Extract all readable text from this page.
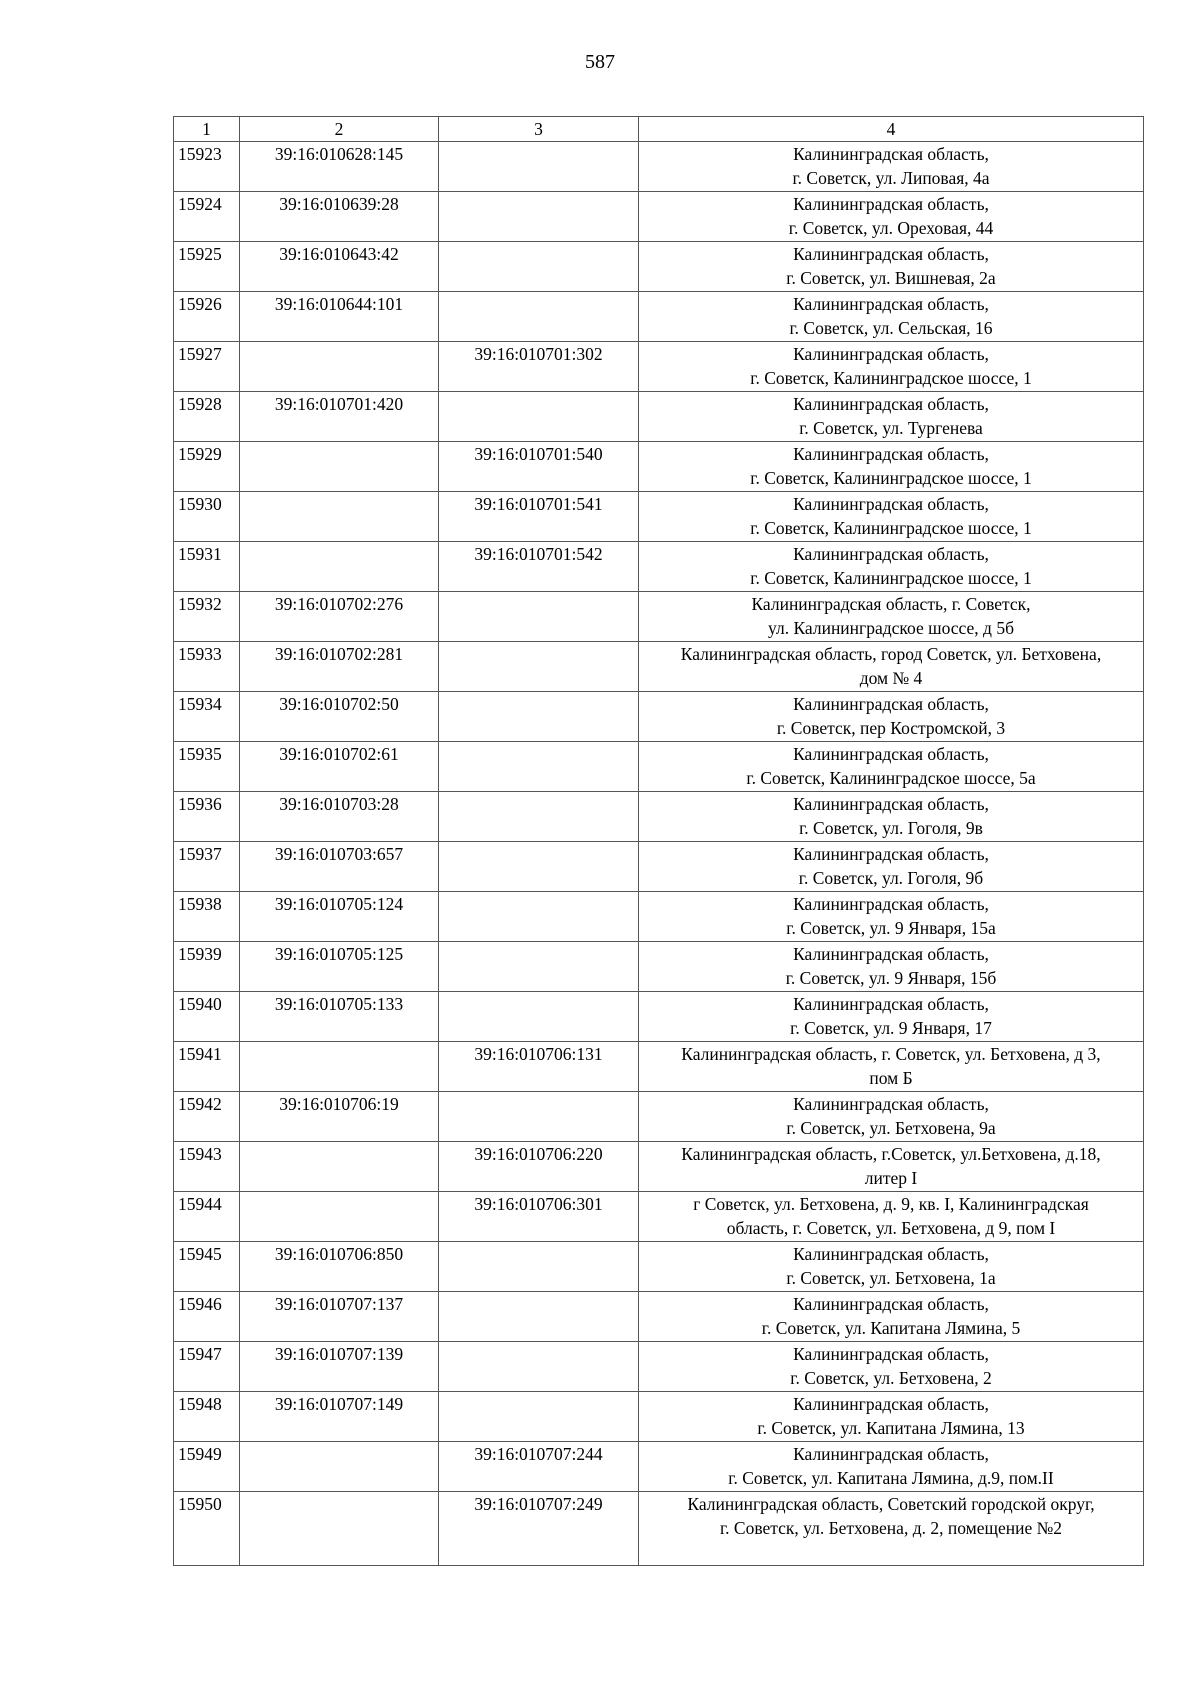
587
1	2	3	4
15923	39:16:010628:145		Калининградская область,
г. Советск, ул. Липовая, 4а
15924	39:16:010639:28		Калининградская область,
г. Советск, ул. Ореховая, 44
15925	39:16:010643:42		Калининградская область,
г. Советск, ул. Вишневая, 2а
15926	39:16:010644:101		Калининградская область,
г. Советск, ул. Сельская, 16
15927		39:16:010701:302	Калининградская область,
г. Советск, Калининградское шоссе, 1
15928	39:16:010701:420		Калининградская область,
г. Советск, ул. Тургенева
15929		39:16:010701:540	Калининградская область,
г. Советск, Калининградское шоссе, 1
15930		39:16:010701:541	Калининградская область,
г. Советск, Калининградское шоссе, 1
15931		39:16:010701:542	Калининградская область,
г. Советск, Калининградское шоссе, 1
15932	39:16:010702:276		Калининградская область, г. Советск,
ул. Калининградское шоссе, д 5б
15933	39:16:010702:281		Калининградская область, город Советск, ул. Бетховена,
дом № 4
15934	39:16:010702:50		Калининградская область,
г. Советск, пер Костромской, 3
15935	39:16:010702:61		Калининградская область,
г. Советск, Калининградское шоссе, 5а
15936	39:16:010703:28		Калининградская область,
г. Советск, ул. Гоголя, 9в
15937	39:16:010703:657		Калининградская область,
г. Советск, ул. Гоголя, 9б
15938	39:16:010705:124		Калининградская область,
г. Советск, ул. 9 Января, 15а
15939	39:16:010705:125		Калининградская область,
г. Советск, ул. 9 Января, 15б
15940	39:16:010705:133		Калининградская область,
г. Советск, ул. 9 Января, 17
15941		39:16:010706:131	Калининградская область, г. Советск, ул. Бетховена, д 3,
пом Б
15942	39:16:010706:19		Калининградская область,
г. Советск, ул. Бетховена, 9а
15943		39:16:010706:220	Калининградская область, г.Советск, ул.Бетховена, д.18,
литер I
15944		39:16:010706:301	г Советск, ул. Бетховена, д. 9, кв. I, Калининградская
область, г. Советск, ул. Бетховена, д 9, пом I
15945	39:16:010706:850		Калининградская область,
г. Советск, ул. Бетховена, 1а
15946	39:16:010707:137		Калининградская область,
г. Советск, ул. Капитана Лямина, 5
15947	39:16:010707:139		Калининградская область,
г. Советск, ул. Бетховена, 2
15948	39:16:010707:149		Калининградская область,
г. Советск, ул. Капитана Лямина, 13
15949		39:16:010707:244	Калининградская область,
г. Советск, ул. Капитана Лямина, д.9, пом.II
15950		39:16:010707:249	Калининградская область, Советский городской округ,
г. Советск, ул. Бетховена, д. 2, помещение №2
